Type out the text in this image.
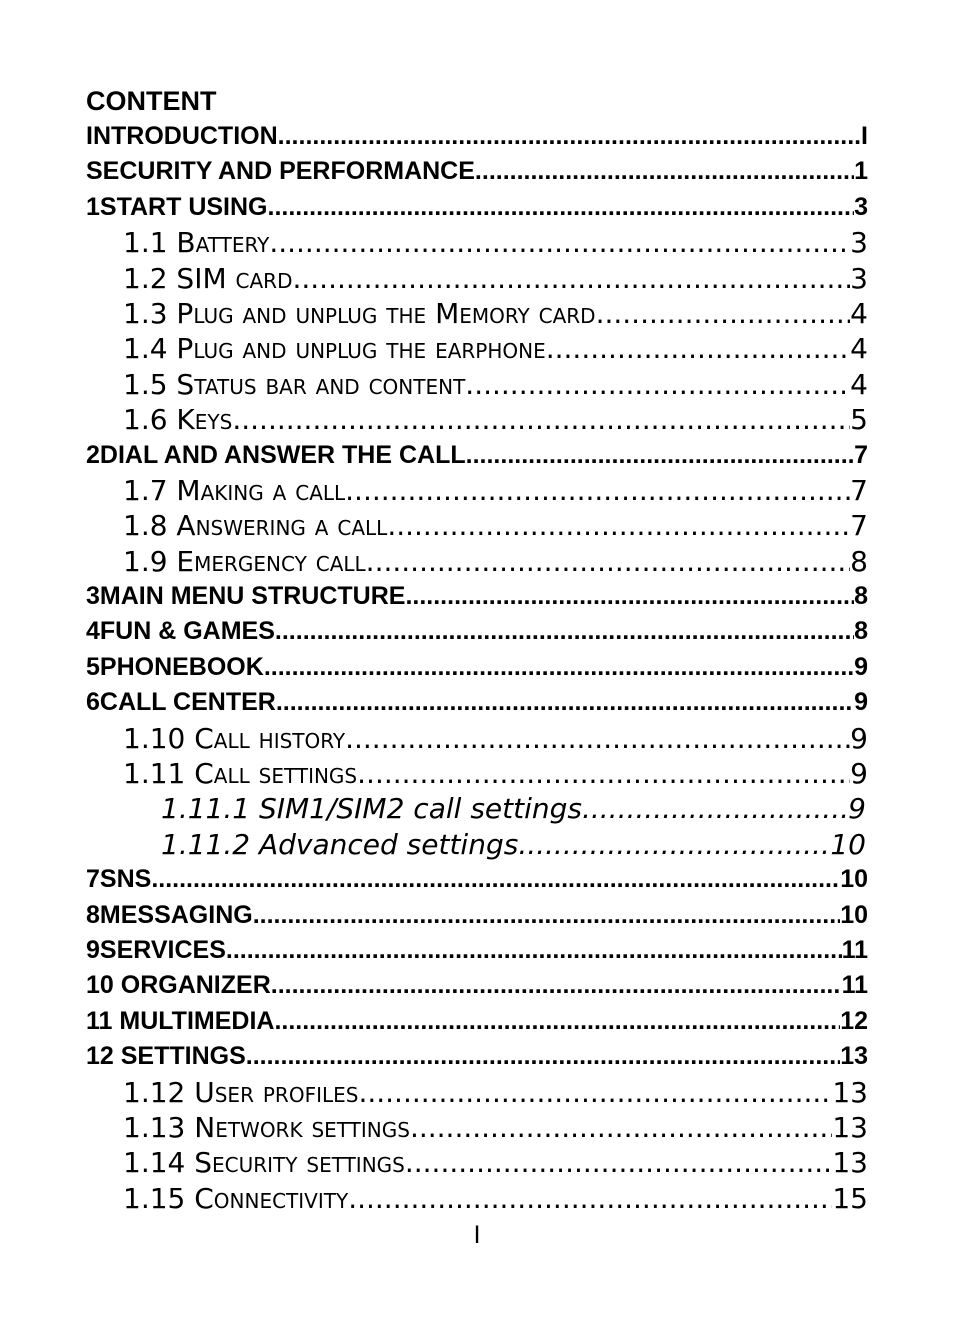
CONTENT
INTRODUCTION .....	I
SECURITY AND PERFORMANCE .....	1
1START USING .....	3
1.1 Battery .....	3
1.2 SIM card .....	3
1.3 Plug and unplug the Memory card .....	4
1.4 Plug and unplug the earphone .....	4
1.5 Status bar and content .....	4
1.6 Keys .....	5
2DIAL AND ANSWER THE CALL .....	7
1.7 Making a call .....	7
1.8 Answering a call .....	7
1.9 Emergency call .....	8
3MAIN MENU STRUCTURE .....	8
4FUN & GAMES .....	8
5PHONEBOOK .....	9
6CALL CENTER .....	9
1.10 Call history .....	9
1.11 Call settings .....	9
1.11.1 SIM1/SIM2 call settings .....	9
1.11.2 Advanced settings .....	10
7SNS .....	10
8MESSAGING .....	10
9SERVICES .....	11
10 ORGANIZER .....	11
11 MULTIMEDIA .....	12
12 SETTINGS .....	13
1.12 User profiles .....	13
1.13 Network settings .....	13
1.14 Security settings .....	13
1.15 Connectivity .....	15
I
